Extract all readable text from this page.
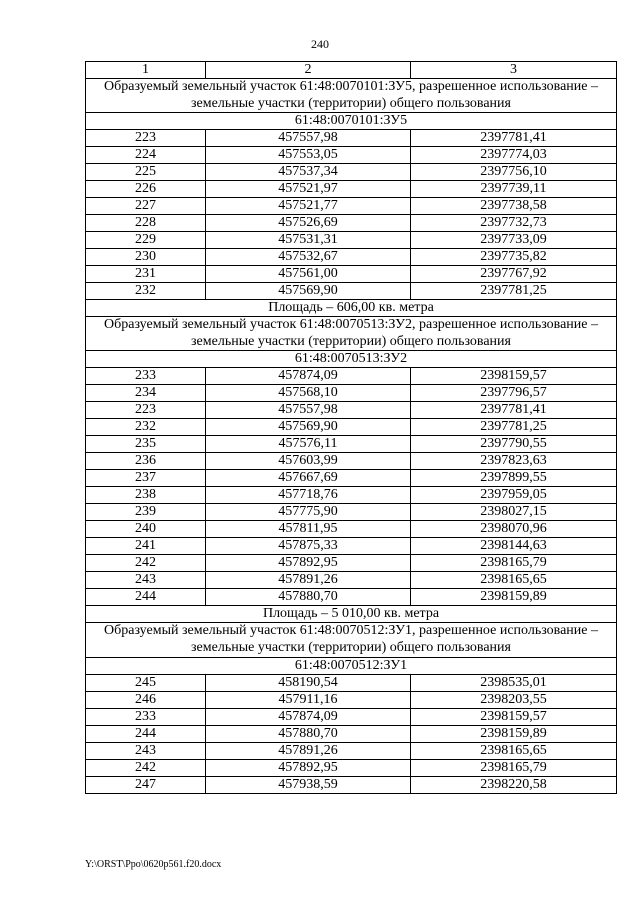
240
1	2	3
Образуемый земельный участок 61:48:0070101:ЗУ5, разрешенное использование – земельные участки (территории) общего пользования		
61:48:0070101:ЗУ5		
223	457557,98	2397781,41
224	457553,05	2397774,03
225	457537,34	2397756,10
226	457521,97	2397739,11
227	457521,77	2397738,58
228	457526,69	2397732,73
229	457531,31	2397733,09
230	457532,67	2397735,82
231	457561,00	2397767,92
232	457569,90	2397781,25
Площадь – 606,00 кв. метра		
Образуемый земельный участок 61:48:0070513:ЗУ2, разрешенное использование – земельные участки (территории) общего пользования		
61:48:0070513:ЗУ2		
233	457874,09	2398159,57
234	457568,10	2397796,57
223	457557,98	2397781,41
232	457569,90	2397781,25
235	457576,11	2397790,55
236	457603,99	2397823,63
237	457667,69	2397899,55
238	457718,76	2397959,05
239	457775,90	2398027,15
240	457811,95	2398070,96
241	457875,33	2398144,63
242	457892,95	2398165,79
243	457891,26	2398165,65
244	457880,70	2398159,89
Площадь – 5 010,00 кв. метра		
Образуемый земельный участок 61:48:0070512:ЗУ1, разрешенное использование – земельные участки (территории) общего пользования		
61:48:0070512:ЗУ1		
245	458190,54	2398535,01
246	457911,16	2398203,55
233	457874,09	2398159,57
244	457880,70	2398159,89
243	457891,26	2398165,65
242	457892,95	2398165,79
247	457938,59	2398220,58
Y:\ORST\Ppo\0620p561.f20.docx
